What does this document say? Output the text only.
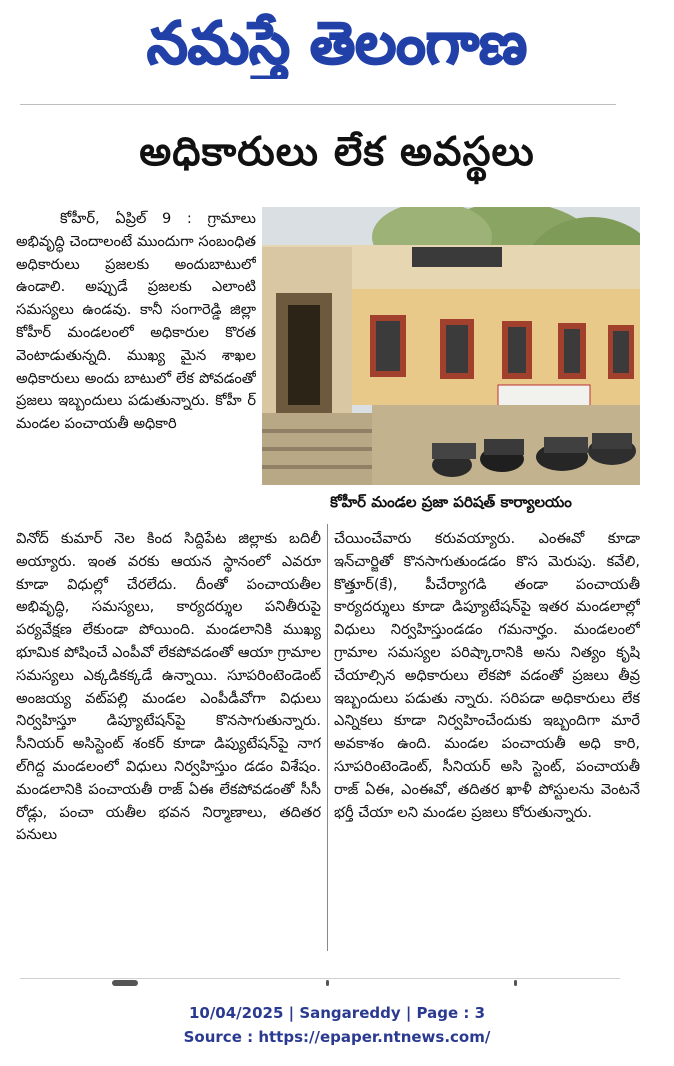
నమస్తే తెలంగాణ
అధికారులు లేక అవస్థలు

కోహీర్, ఏప్రిల్ 9 : గ్రామాలు అభివృద్ధి చెందాలంటే ముందుగా సంబంధిత అధికారులు ప్రజలకు అందుబాటులో ఉండాలి. అప్పుడే ప్రజలకు ఎలాంటి సమస్యలు ఉండవు. కానీ సంగారెడ్డి జిల్లా కోహీర్ మండలంలో అధికారుల కొరత వెంటాడుతున్నది. ముఖ్య మైన శాఖల అధికారులు అందు బాటులో లేక పోవడంతో ప్రజలు ఇబ్బందులు పడుతున్నారు. కోహీ ర్ మండల పంచాయతీ అధికారి

కోహీర్ మండల ప్రజా పరిషత్ కార్యాలయం

వినోద్ కుమార్ నెల కింద సిద్దిపేట జిల్లాకు బదిలీ అయ్యారు. ఇంత వరకు ఆయన స్థానంలో ఎవరూ కూడా విధుల్లో చేరలేదు. దీంతో పంచాయతీల అభివృద్ధి, సమస్యలు, కార్యదర్శుల పనితీరుపై పర్యవేక్షణ లేకుండా పోయింది. మండలానికి ముఖ్య భూమిక పోషించే ఎంపీవో లేకపోవడంతో ఆయా గ్రామాల సమస్యలు ఎక్కడికక్కడే ఉన్నాయి. సూపరింటెండెంట్ అంజయ్య వట్‌పల్లి మండల ఎంపీడీవోగా విధులు నిర్వహిస్తూ డిప్యూటేషన్‌పై కొనసాగుతున్నారు. సీనియర్ అసిస్టెంట్ శంకర్ కూడా డిప్యుటేషన్‌పై నాగ ల్‌గిద్ద మండలంలో విధులు నిర్వహిస్తుం డడం విశేషం. మండలానికి పంచాయతీ రాజ్ ఏఈ లేకపోవడంతో సీసీ రోడ్లు, పంచా యతీల భవన నిర్మాణాలు, తదితర పనులు

చేయించేవారు కరువయ్యారు. ఎంఈవో కూడా ఇన్‌చార్జితో కొనసాగుతుండడం కొస మెరుపు. కవేలి, కొత్తూర్(కే), పీచేర్యాగడి తండా పంచాయతీ కార్యదర్శులు కూడా డిప్యూటేషన్‌పై ఇతర మండలాల్లో విధులు నిర్వహిస్తుండడం గమనార్హం. మండలంలో గ్రామాల సమస్యల పరిష్కారానికి అను నిత్యం కృషి చేయాల్సిన అధికారులు లేకపో వడంతో ప్రజలు తీవ్ర ఇబ్బందులు పడుతు న్నారు. సరిపడా అధికారులు లేక ఎన్నికలు కూడా నిర్వహించేందుకు ఇబ్బందిగా మారే అవకాశం ఉంది. మండల పంచాయతీ అధి కారి, సూపరింటెండెంట్, సీనియర్ అసి స్టెంట్, పంచాయతీ రాజ్ ఏఈ, ఎంఈవో, తదితర ఖాళీ పోస్టులను వెంటనే భర్తీ చేయా లని మండల ప్రజలు కోరుతున్నారు.

10/04/2025 | Sangareddy | Page : 3
Source : https://epaper.ntnews.com/
